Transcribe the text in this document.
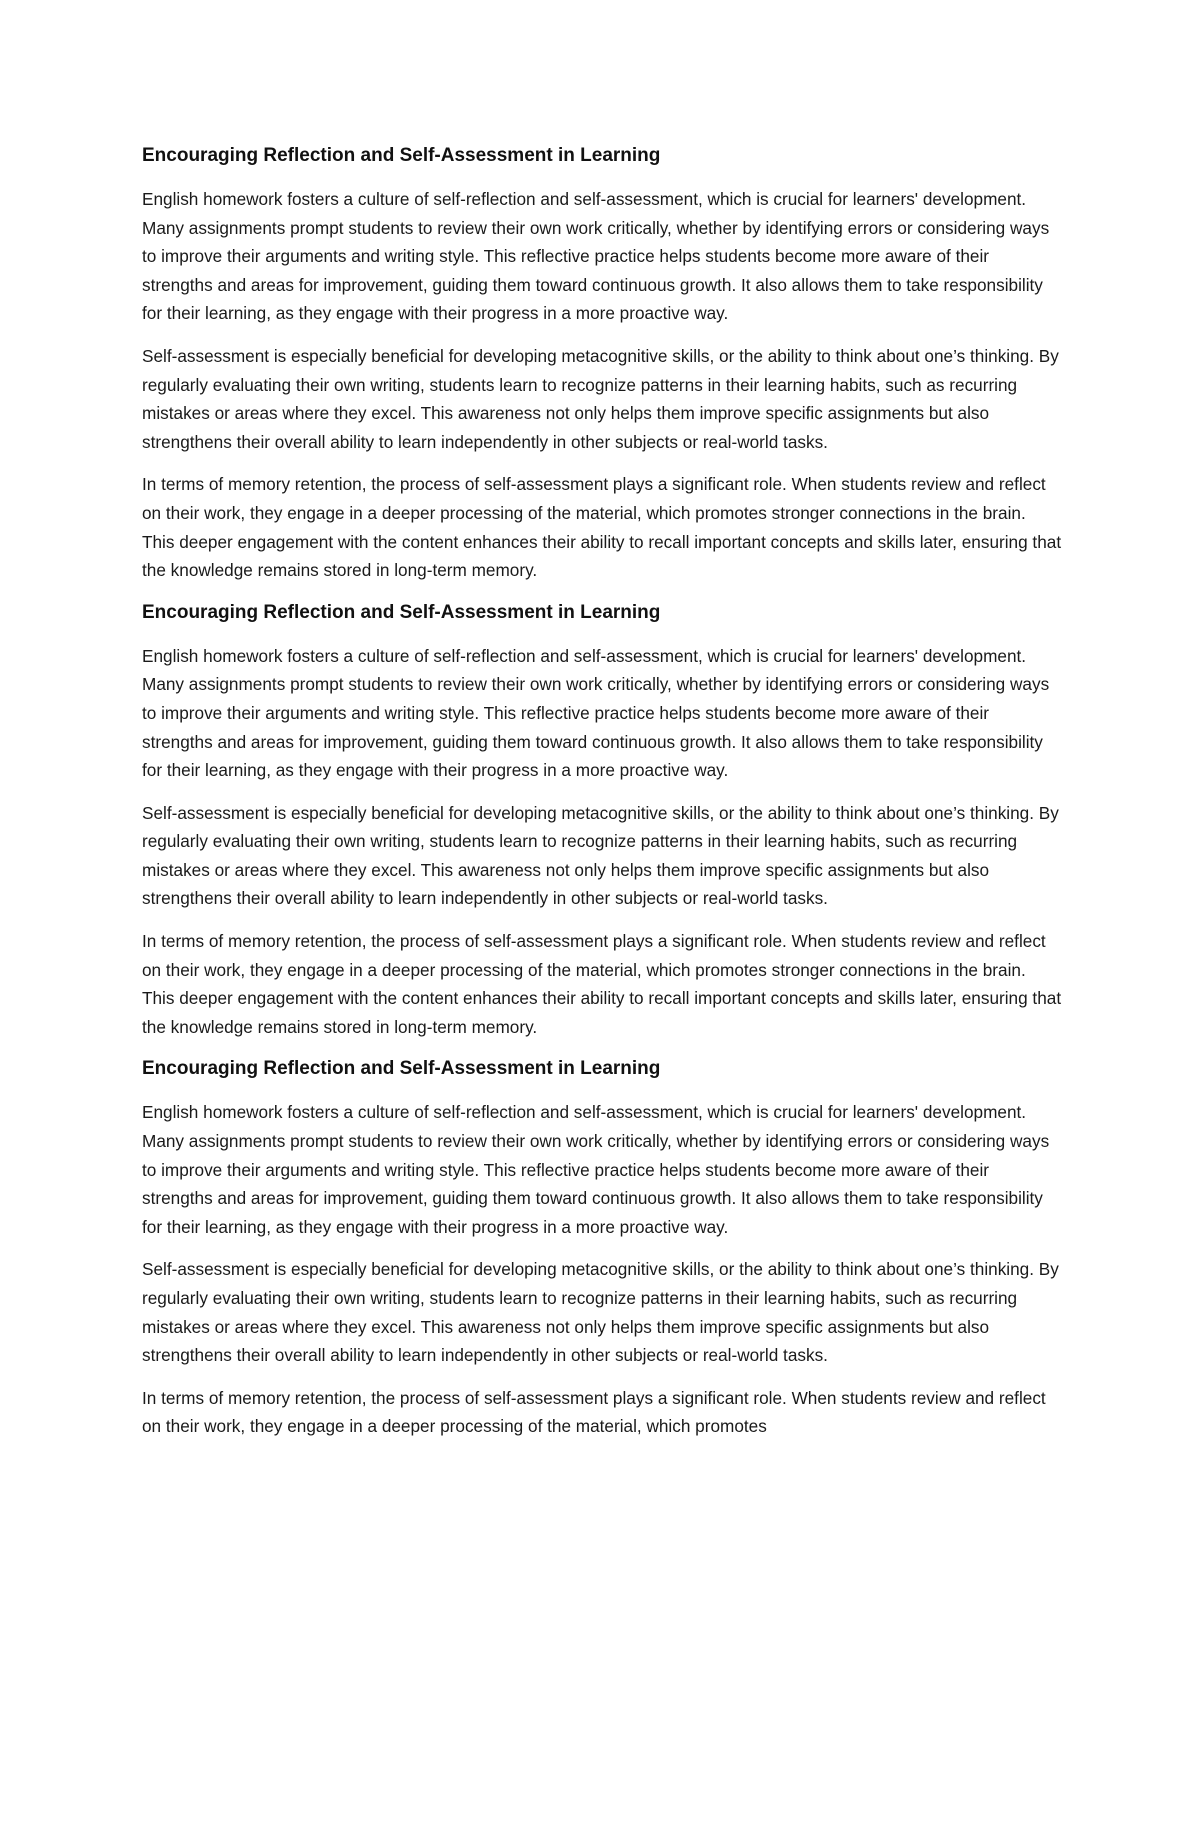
Encouraging Reflection and Self-Assessment in Learning

English homework fosters a culture of self-reflection and self-assessment, which is crucial for learners' development. Many assignments prompt students to review their own work critically, whether by identifying errors or considering ways to improve their arguments and writing style. This reflective practice helps students become more aware of their strengths and areas for improvement, guiding them toward continuous growth. It also allows them to take responsibility for their learning, as they engage with their progress in a more proactive way.

Self-assessment is especially beneficial for developing metacognitive skills, or the ability to think about one’s thinking. By regularly evaluating their own writing, students learn to recognize patterns in their learning habits, such as recurring mistakes or areas where they excel. This awareness not only helps them improve specific assignments but also strengthens their overall ability to learn independently in other subjects or real-world tasks.

In terms of memory retention, the process of self-assessment plays a significant role. When students review and reflect on their work, they engage in a deeper processing of the material, which promotes stronger connections in the brain. This deeper engagement with the content enhances their ability to recall important concepts and skills later, ensuring that the knowledge remains stored in long-term memory.

Encouraging Reflection and Self-Assessment in Learning

English homework fosters a culture of self-reflection and self-assessment, which is crucial for learners' development. Many assignments prompt students to review their own work critically, whether by identifying errors or considering ways to improve their arguments and writing style. This reflective practice helps students become more aware of their strengths and areas for improvement, guiding them toward continuous growth. It also allows them to take responsibility for their learning, as they engage with their progress in a more proactive way.

Self-assessment is especially beneficial for developing metacognitive skills, or the ability to think about one’s thinking. By regularly evaluating their own writing, students learn to recognize patterns in their learning habits, such as recurring mistakes or areas where they excel. This awareness not only helps them improve specific assignments but also strengthens their overall ability to learn independently in other subjects or real-world tasks.

In terms of memory retention, the process of self-assessment plays a significant role. When students review and reflect on their work, they engage in a deeper processing of the material, which promotes stronger connections in the brain. This deeper engagement with the content enhances their ability to recall important concepts and skills later, ensuring that the knowledge remains stored in long-term memory.

Encouraging Reflection and Self-Assessment in Learning

English homework fosters a culture of self-reflection and self-assessment, which is crucial for learners' development. Many assignments prompt students to review their own work critically, whether by identifying errors or considering ways to improve their arguments and writing style. This reflective practice helps students become more aware of their strengths and areas for improvement, guiding them toward continuous growth. It also allows them to take responsibility for their learning, as they engage with their progress in a more proactive way.

Self-assessment is especially beneficial for developing metacognitive skills, or the ability to think about one’s thinking. By regularly evaluating their own writing, students learn to recognize patterns in their learning habits, such as recurring mistakes or areas where they excel. This awareness not only helps them improve specific assignments but also strengthens their overall ability to learn independently in other subjects or real-world tasks.

In terms of memory retention, the process of self-assessment plays a significant role. When students review and reflect on their work, they engage in a deeper processing of the material, which promotes
